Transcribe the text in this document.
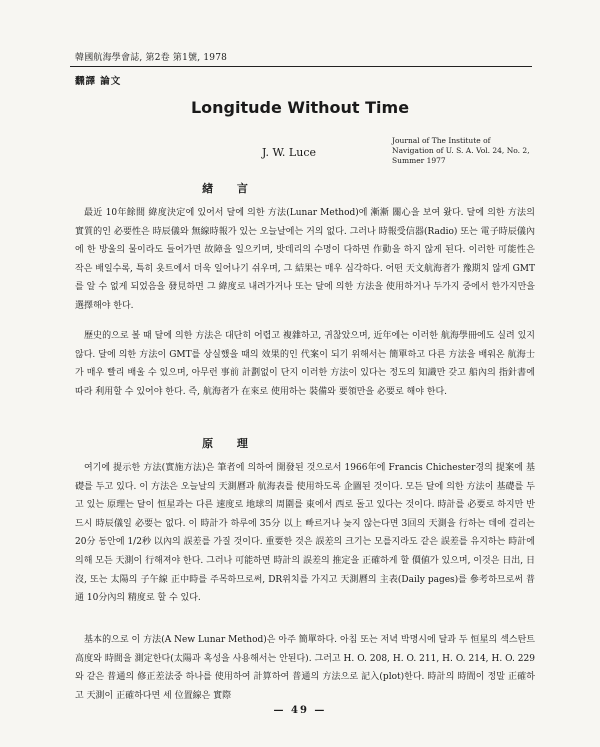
韓國航海學會誌, 第2卷 第1號, 1978
飜譯 論文
Longitude Without Time
J. W. Luce
Journal of The Institute of Navigation of U. S. A. Vol. 24, No. 2, Summer 1977
緖 言

最近 10年餘間 緯度決定에 있어서 달에 의한 方法(Lunar Method)에 漸漸 關心을 보여 왔다. 달에 의한 方法의 實質的인 必要性은 時辰儀와 無線時報가 있는 오늘날에는 거의 없다. 그러나 時報受信器(Radio) 또는 電子時辰儀內에 한 방울의 물이라도 들어가면 故障을 일으키며, 밧데리의 수명이 다하면 作動을 하지 않게 된다. 이러한 可能性은 작은 배일수록, 특히 욧트에서 더욱 일어나기 쉬우며, 그 結果는 매우 심각하다. 어떤 天文航海者가 豫期치 않게 GMT를 알 수 없게 되었음을 發見하면 그 緯度로 내려가거나 또는 달에 의한 方法을 使用하거나 두가지 중에서 한가지만을 選擇해야 한다.

歷史的으로 볼 때 달에 의한 方法은 대단히 어렵고 複雜하고, 귀찮았으며, 近年에는 이러한 航海學冊에도 실려 있지 않다. 달에 의한 方法이 GMT를 상실했을 때의 效果的인 代案이 되기 위해서는 簡單하고 다른 方法을 배워온 航海士가 매우 빨리 배울 수 있으며, 아무런 事前 計劃없이 단지 이러한 方法이 있다는 정도의 知識만 갖고 船內의 指針書에 따라 利用할 수 있어야 한다. 즉, 航海者가 在來로 使用하는 裝備와 要領만을 必要로 해야 한다.

原 理

여기에 提示한 方法(實施方法)은 筆者에 의하여 開發된 것으로서 1966年에 Francis Chichester경의 提案에 基礎를 두고 있다. 이 方法은 오늘날의 天測曆과 航海表를 使用하도록 企圖된 것이다. 모든 달에 의한 方法이 基礎를 두고 있는 原理는 달이 恒星과는 다른 速度로 地球의 周圍를 東에서 西로 돌고 있다는 것이다. 時計를 必要로 하지만 반드시 時辰儀일 必要는 없다. 이 時計가 하루에 35分 以上 빠르거나 늦지 않는다면 3回의 天測을 行하는 데에 걸리는 20分 동안에 1/2秒 以內의 誤差를 가질 것이다. 重要한 것은 誤差의 크기는 모를지라도 같은 誤差를 유지하는 時計에 의해 모든 天測이 行해져야 한다. 그러나 可能하면 時計의 誤差의 推定을 正確하게 할 價値가 있으며, 이것은 日出, 日沒, 또는 太陽의 子午線 正中時를 주목하므로써, DR위치를 가지고 天測曆의 主表(Daily pages)를 參考하므로써 普通 10分內의 精度로 할 수 있다.

基本的으로 이 方法(A New Lunar Method)은 아주 簡單하다. 아침 또는 저녁 박명시에 달과 두 恒星의 섹스탄트 高度와 時間을 測定한다(太陽과 혹성을 사용해서는 안된다). 그러고 H. O. 208, H. O. 211, H. O. 214, H. O. 229와 같은 普通의 修正差法중 하나를 使用하여 計算하여 普通의 方法으로 記入(plot)한다. 時計의 時間이 정말 正確하고 天測이 正確하다면 세 位置線은 實際

— 49 —
